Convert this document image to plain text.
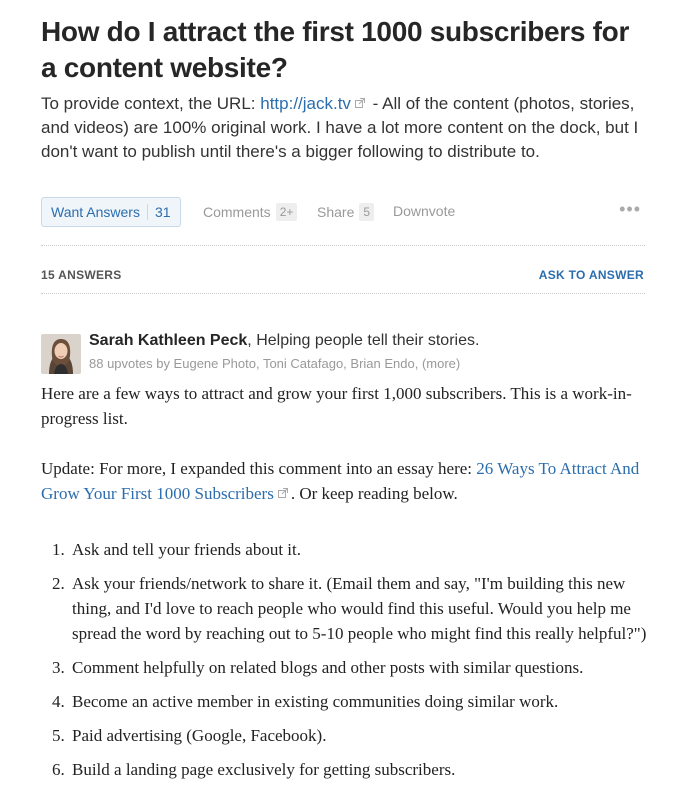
How do I attract the first 1000 subscribers for a content website?
To provide context, the URL: http://jack.tv - All of the content (photos, stories, and videos) are 100% original work. I have a lot more content on the dock, but I don't want to publish until there's a bigger following to distribute to.
Want Answers 31 Comments 2+ Share 5 Downvote	•••
15 ANSWERS	ASK TO ANSWER
Sarah Kathleen Peck, Helping people tell their stories.
88 upvotes by Eugene Photo, Toni Catafago, Brian Endo, (more)

Here are a few ways to attract and grow your first 1,000 subscribers. This is a work-in-progress list.

Update: For more, I expanded this comment into an essay here: 26 Ways To Attract And Grow Your First 1000 Subscribers . Or keep reading below.

1. Ask and tell your friends about it.
2. Ask your friends/network to share it. (Email them and say, "I'm building this new thing, and I'd love to reach people who would find this useful. Would you help me spread the word by reaching out to 5-10 people who might find this really helpful?")
3. Comment helpfully on related blogs and other posts with similar questions.
4. Become an active member in existing communities doing similar work.
5. Paid advertising (Google, Facebook).
6. Build a landing page exclusively for getting subscribers.
